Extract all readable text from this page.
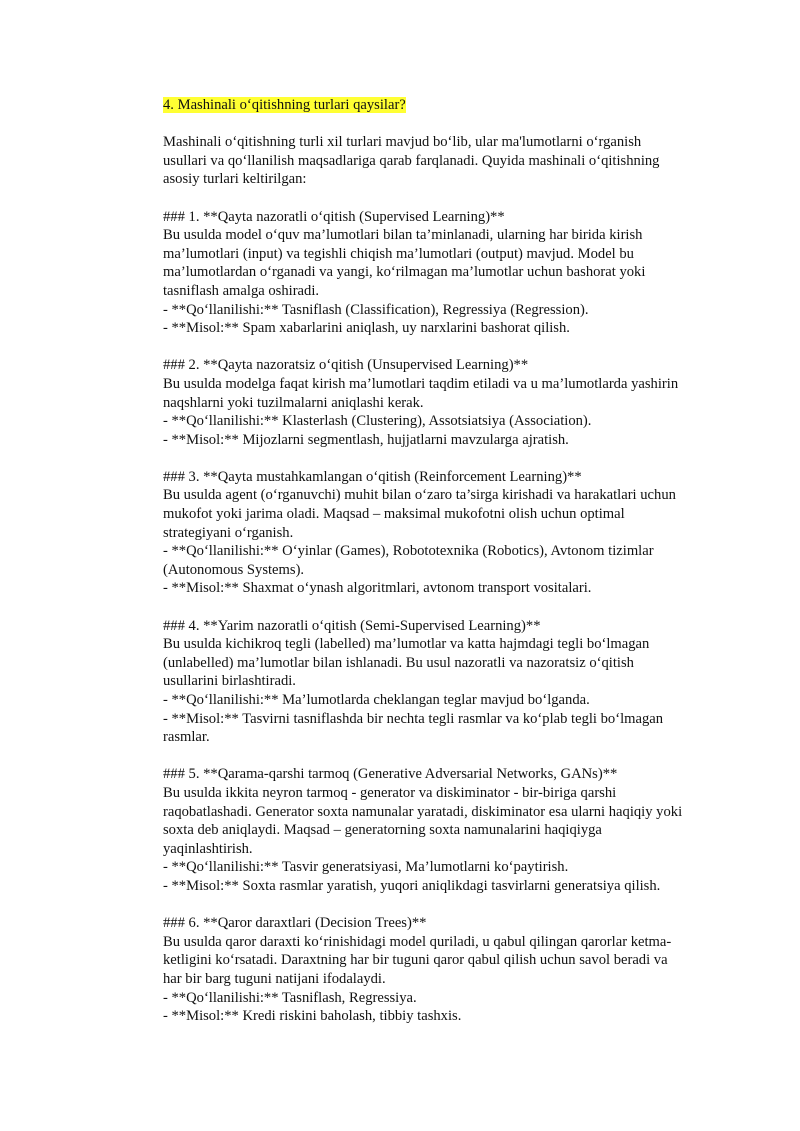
4. Mashinali o‘qitishning turlari qaysilar?
Mashinali o‘qitishning turli xil turlari mavjud bo‘lib, ular ma'lumotlarni o‘rganish
usullari va qo‘llanilish maqsadlariga qarab farqlanadi. Quyida mashinali o‘qitishning
asosiy turlari keltirilgan:
### 1. **Qayta nazoratli o‘qitish (Supervised Learning)**
Bu usulda model o‘quv ma’lumotlari bilan ta’minlanadi, ularning har birida kirish
ma’lumotlari (input) va tegishli chiqish ma’lumotlari (output) mavjud. Model bu
ma’lumotlardan o‘rganadi va yangi, ko‘rilmagan ma’lumotlar uchun bashorat yoki
tasniflash amalga oshiradi.
- **Qo‘llanilishi:** Tasniflash (Classification), Regressiya (Regression).
- **Misol:** Spam xabarlarini aniqlash, uy narxlarini bashorat qilish.
### 2. **Qayta nazoratsiz o‘qitish (Unsupervised Learning)**
Bu usulda modelga faqat kirish ma’lumotlari taqdim etiladi va u ma’lumotlarda yashirin
naqshlarni yoki tuzilmalarni aniqlashi kerak.
- **Qo‘llanilishi:** Klasterlash (Clustering), Assotsiatsiya (Association).
- **Misol:** Mijozlarni segmentlash, hujjatlarni mavzularga ajratish.
### 3. **Qayta mustahkamlangan o‘qitish (Reinforcement Learning)**
Bu usulda agent (o‘rganuvchi) muhit bilan o‘zaro ta’sirga kirishadi va harakatlari uchun
mukofot yoki jarima oladi. Maqsad – maksimal mukofotni olish uchun optimal
strategiyani o‘rganish.
- **Qo‘llanilishi:** O‘yinlar (Games), Robototexnika (Robotics), Avtonom tizimlar
(Autonomous Systems).
- **Misol:** Shaxmat o‘ynash algoritmlari, avtonom transport vositalari.
### 4. **Yarim nazoratli o‘qitish (Semi-Supervised Learning)**
Bu usulda kichikroq tegli (labelled) ma’lumotlar va katta hajmdagi tegli bo‘lmagan
(unlabelled) ma’lumotlar bilan ishlanadi. Bu usul nazoratli va nazoratsiz o‘qitish
usullarini birlashtiradi.
- **Qo‘llanilishi:** Ma’lumotlarda cheklangan teglar mavjud bo‘lganda.
- **Misol:** Tasvirni tasniflashda bir nechta tegli rasmlar va ko‘plab tegli bo‘lmagan
rasmlar.
### 5. **Qarama-qarshi tarmoq (Generative Adversarial Networks, GANs)**
Bu usulda ikkita neyron tarmoq - generator va diskiminator - bir-biriga qarshi
raqobatlashadi. Generator soxta namunalar yaratadi, diskiminator esa ularni haqiqiy yoki
soxta deb aniqlaydi. Maqsad – generatorning soxta namunalarini haqiqiyga
yaqinlashtirish.
- **Qo‘llanilishi:** Tasvir generatsiyasi, Ma’lumotlarni ko‘paytirish.
- **Misol:** Soxta rasmlar yaratish, yuqori aniqlikdagi tasvirlarni generatsiya qilish.
### 6. **Qaror daraxtlari (Decision Trees)**
Bu usulda qaror daraxti ko‘rinishidagi model quriladi, u qabul qilingan qarorlar ketma-
ketligini ko‘rsatadi. Daraxtning har bir tuguni qaror qabul qilish uchun savol beradi va
har bir barg tuguni natijani ifodalaydi.
- **Qo‘llanilishi:** Tasniflash, Regressiya.
- **Misol:** Kredi riskini baholash, tibbiy tashxis.
